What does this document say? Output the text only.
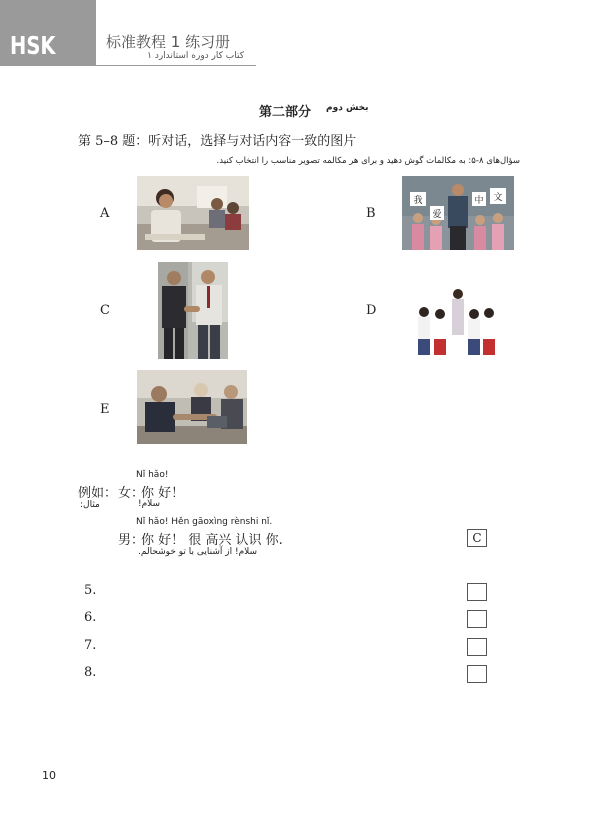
HSK	标准教程 1 练习册
کتاب کار دوره استاندارد ۱
第二部分 بخش دوم
第 5–8 题：听对话，选择与对话内容一致的图片
سؤال‌های ۸-۵: به مکالمات گوش دهید و برای هر مکالمه تصویر مناسب را انتخاب کنید.
A	B
C	D
E
我
爱
中 文
Nǐ hǎo!
例如： 女：
你 好！
مثال:	سلام!
Nǐ hǎo! Hěn gāoxìng rènshi nǐ.
男：
你 好！ 很 高兴 认识 你.
سلام! از آشنایی با تو خوشحالم.
C
5.
6.
7.
8.
10
